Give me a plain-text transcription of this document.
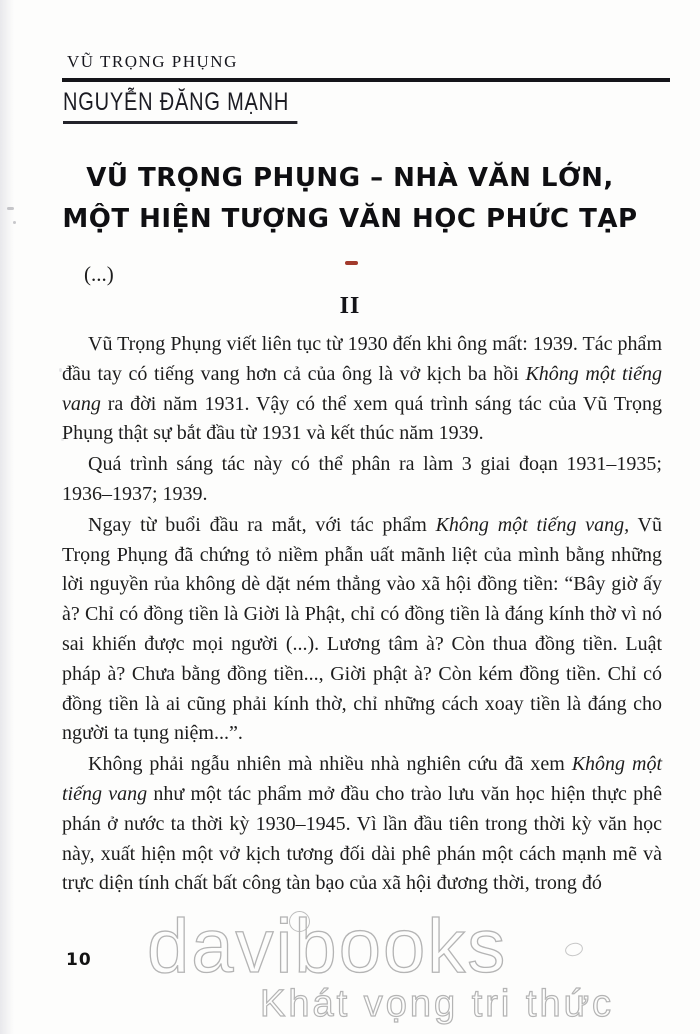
VŨ TRỌNG PHỤNG
NGUYỄN ĐĂNG MẠNH
VŨ TRỌNG PHỤNG – NHÀ VĂN LỚN,
MỘT HIỆN TƯỢNG VĂN HỌC PHỨC TẠP
(...)
II

Vũ Trọng Phụng viết liên tục từ 1930 đến khi ông mất: 1939. Tác phẩm đầu tay có tiếng vang hơn cả của ông là vở kịch ba hồi Không một tiếng vang ra đời năm 1931. Vậy có thể xem quá trình sáng tác của Vũ Trọng Phụng thật sự bắt đầu từ 1931 và kết thúc năm 1939.

Quá trình sáng tác này có thể phân ra làm 3 giai đoạn 1931–1935; 1936–1937; 1939.

Ngay từ buổi đầu ra mắt, với tác phẩm Không một tiếng vang, Vũ Trọng Phụng đã chứng tỏ niềm phẫn uất mãnh liệt của mình bằng những lời nguyền rủa không dè dặt ném thẳng vào xã hội đồng tiền: “Bây giờ ấy à? Chỉ có đồng tiền là Giời là Phật, chỉ có đồng tiền là đáng kính thờ vì nó sai khiến được mọi người (...). Lương tâm à? Còn thua đồng tiền. Luật pháp à? Chưa bằng đồng tiền..., Giời phật à? Còn kém đồng tiền. Chỉ có đồng tiền là ai cũng phải kính thờ, chỉ những cách xoay tiền là đáng cho người ta tụng niệm...”.

Không phải ngẫu nhiên mà nhiều nhà nghiên cứu đã xem Không một tiếng vang như một tác phẩm mở đầu cho trào lưu văn học hiện thực phê phán ở nước ta thời kỳ 1930–1945. Vì lần đầu tiên trong thời kỳ văn học này, xuất hiện một vở kịch tương đối dài phê phán một cách mạnh mẽ và trực diện tính chất bất công tàn bạo của xã hội đương thời, trong đó

10 davibooks
Khát vọng tri thức
